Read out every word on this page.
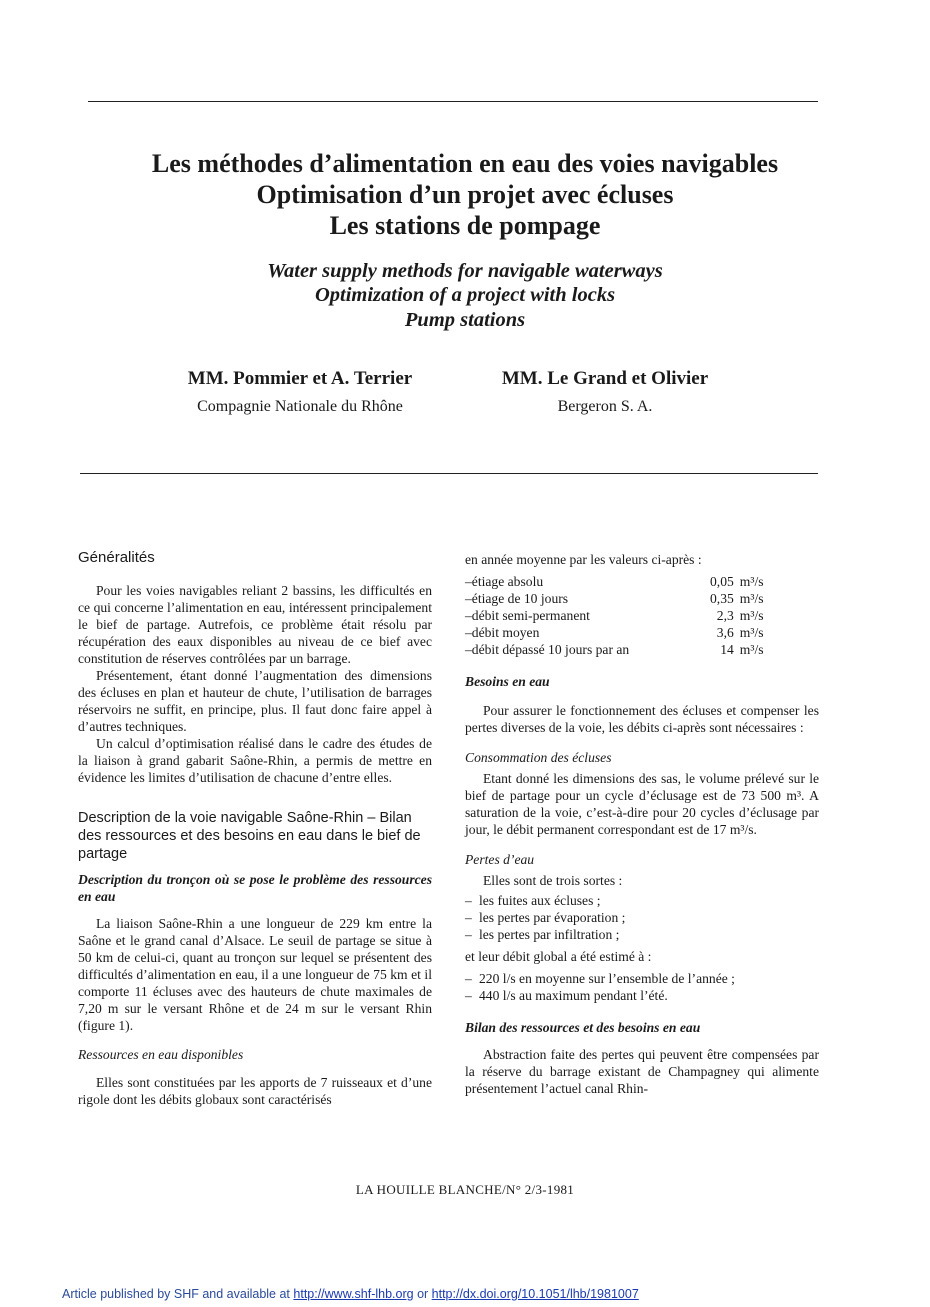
Les méthodes d’alimentation en eau des voies navigables
Optimisation d’un projet avec écluses
Les stations de pompage
Water supply methods for navigable waterways
Optimization of a project with locks
Pump stations
MM. Pommier et A. Terrier
Compagnie Nationale du Rhône
MM. Le Grand et Olivier
Bergeron S. A.

Généralités

Pour les voies navigables reliant 2 bassins, les difficultés en ce qui concerne l’alimentation en eau, intéressent principalement le bief de partage. Autrefois, ce problème était résolu par récupération des eaux disponibles au niveau de ce bief avec constitution de réserves contrôlées par un barrage.

Présentement, étant donné l’augmentation des dimensions des écluses en plan et hauteur de chute, l’utilisation de barrages réservoirs ne suffit, en principe, plus. Il faut donc faire appel à d’autres techniques.

Un calcul d’optimisation réalisé dans le cadre des études de la liaison à grand gabarit Saône-Rhin, a permis de mettre en évidence les limites d’utilisation de chacune d’entre elles.

Description de la voie navigable Saône-Rhin – Bilan des ressources et des besoins en eau dans le bief de partage

Description du tronçon où se pose le problème des ressources en eau

La liaison Saône-Rhin a une longueur de 229 km entre la Saône et le grand canal d’Alsace. Le seuil de partage se situe à 50 km de celui-ci, quant au tronçon sur lequel se présentent des difficultés d’alimentation en eau, il a une longueur de 75 km et il comporte 11 écluses avec des hauteurs de chute maximales de 7,20 m sur le versant Rhône et de 24 m sur le versant Rhin (figure 1).

Ressources en eau disponibles

Elles sont constituées par les apports de 7 ruisseaux et d’une rigole dont les débits globaux sont caractérisés

en année moyenne par les valeurs ci-après :

– étiage absolu	0,05 m³/s
– étiage de 10 jours	0,35 m³/s
– débit semi-permanent	2,3 m³/s
– débit moyen	3,6 m³/s
– débit dépassé 10 jours par an	14 m³/s

Besoins en eau

Pour assurer le fonctionnement des écluses et compenser les pertes diverses de la voie, les débits ci-après sont nécessaires :

Consommation des écluses

Etant donné les dimensions des sas, le volume prélevé sur le bief de partage pour un cycle d’éclusage est de 73 500 m³. A saturation de la voie, c’est-à-dire pour 20 cycles d’éclusage par jour, le débit permanent correspondant est de 17 m³/s.

Pertes d’eau

Elles sont de trois sortes :

– les fuites aux écluses ;
– les pertes par évaporation ;
– les pertes par infiltration ;

et leur débit global a été estimé à :

– 220 l/s en moyenne sur l’ensemble de l’année ;
– 440 l/s au maximum pendant l’été.

Bilan des ressources et des besoins en eau

Abstraction faite des pertes qui peuvent être compensées par la réserve du barrage existant de Champagney qui alimente présentement l’actuel canal Rhin-

LA HOUILLE BLANCHE/N° 2/3-1981
Article published by SHF and available at http://www.shf-lhb.org or http://dx.doi.org/10.1051/lhb/1981007
